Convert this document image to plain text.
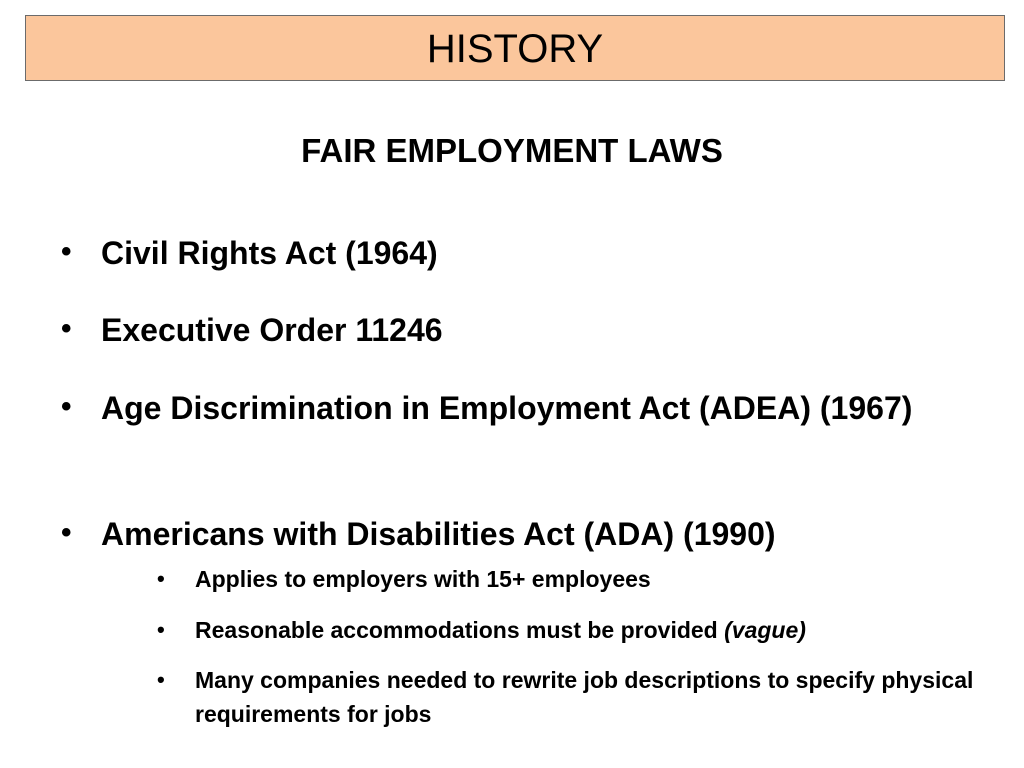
HISTORY
FAIR EMPLOYMENT LAWS
• Civil Rights Act (1964)
• Executive Order 11246
• Age Discrimination in Employment Act (ADEA) (1967)
• Americans with Disabilities Act (ADA) (1990)
• Applies to employers with 15+ employees
• Reasonable accommodations must be provided (vague)
• Many companies needed to rewrite job descriptions to specify physical requirements for jobs
